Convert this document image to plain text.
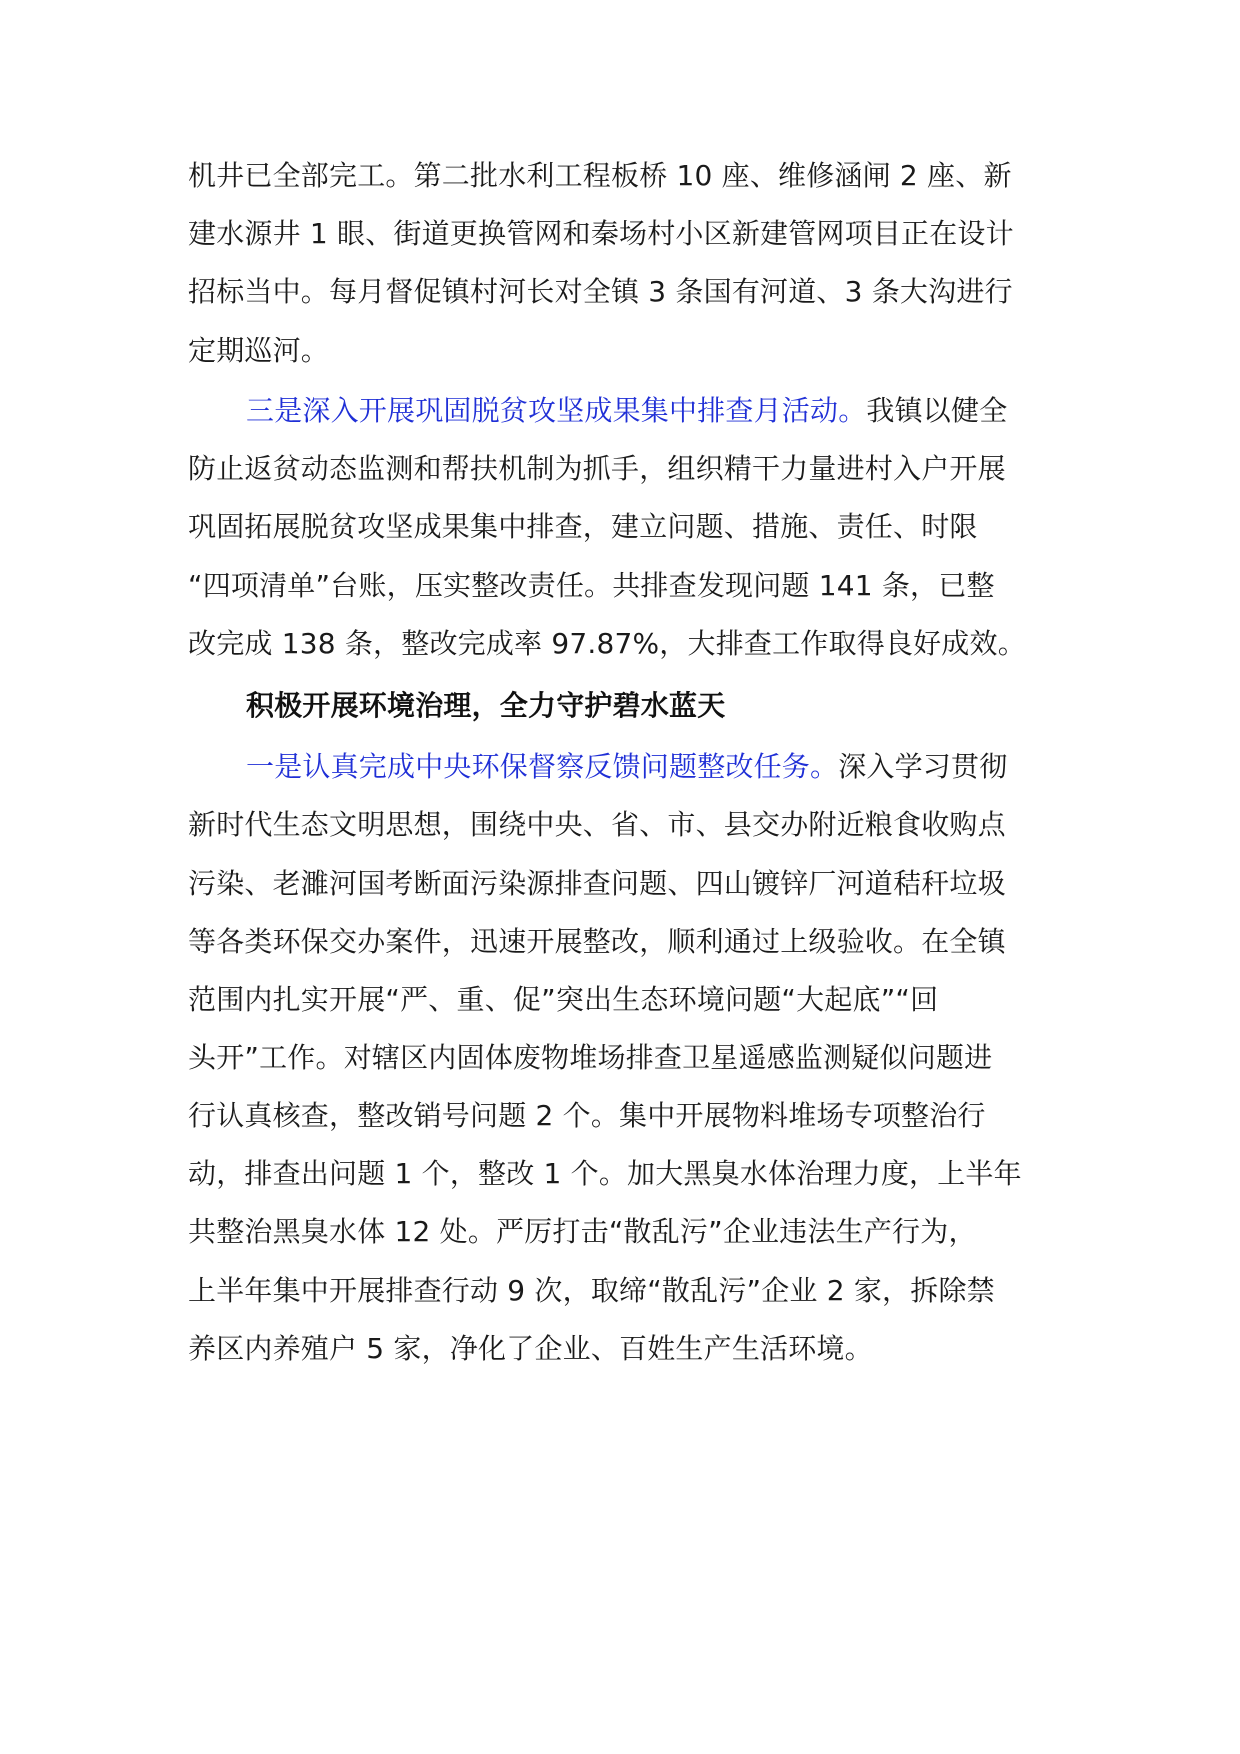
机井已全部完工。第二批水利工程板桥 10 座、维修涵闸 2 座、新
建水源井 1 眼、街道更换管网和秦场村小区新建管网项目正在设计
招标当中。每月督促镇村河长对全镇 3 条国有河道、3 条大沟进行
定期巡河。
三是深入开展巩固脱贫攻坚成果集中排查月活动。我镇以健全
防止返贫动态监测和帮扶机制为抓手，组织精干力量进村入户开展
巩固拓展脱贫攻坚成果集中排查，建立问题、措施、责任、时限
“四项清单”台账，压实整改责任。共排查发现问题 141 条，已整
改完成 138 条，整改完成率 97.87%，大排查工作取得良好成效。
积极开展环境治理，全力守护碧水蓝天
一是认真完成中央环保督察反馈问题整改任务。深入学习贯彻
新时代生态文明思想，围绕中央、省、市、县交办附近粮食收购点
污染、老濉河国考断面污染源排查问题、四山镀锌厂河道秸秆垃圾
等各类环保交办案件，迅速开展整改，顺利通过上级验收。在全镇
范围内扎实开展“严、重、促”突出生态环境问题“大起底”“回
头开”工作。对辖区内固体废物堆场排查卫星遥感监测疑似问题进
行认真核查，整改销号问题 2 个。集中开展物料堆场专项整治行
动，排查出问题 1 个，整改 1 个。加大黑臭水体治理力度，上半年
共整治黑臭水体 12 处。严厉打击“散乱污”企业违法生产行为，
上半年集中开展排查行动 9 次，取缔“散乱污”企业 2 家，拆除禁
养区内养殖户 5 家，净化了企业、百姓生产生活环境。
